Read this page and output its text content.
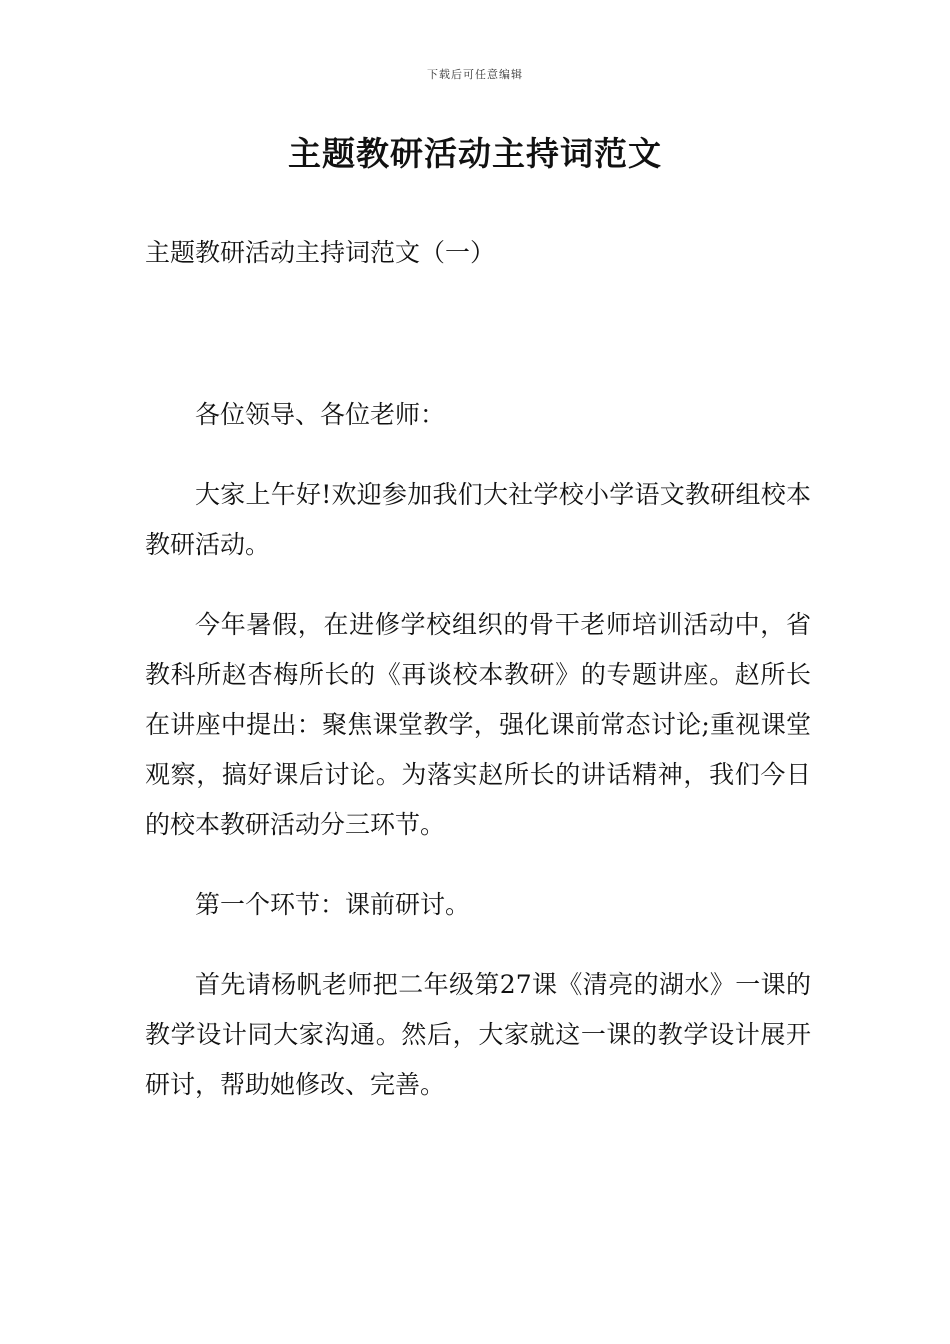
下载后可任意编辑
主题教研活动主持词范文

主题教研活动主持词范文（一）

各位领导、各位老师：

大家上午好!欢迎参加我们大社学校小学语文教研组校本教研活动。

今年暑假，在进修学校组织的骨干老师培训活动中，省教科所赵杏梅所长的《再谈校本教研》的专题讲座。赵所长在讲座中提出：聚焦课堂教学，强化课前常态讨论;重视课堂观察，搞好课后讨论。为落实赵所长的讲话精神，我们今日的校本教研活动分三环节。

第一个环节：课前研讨。

首先请杨帆老师把二年级第27课《清亮的湖水》一课的教学设计同大家沟通。然后，大家就这一课的教学设计展开研讨，帮助她修改、完善。
